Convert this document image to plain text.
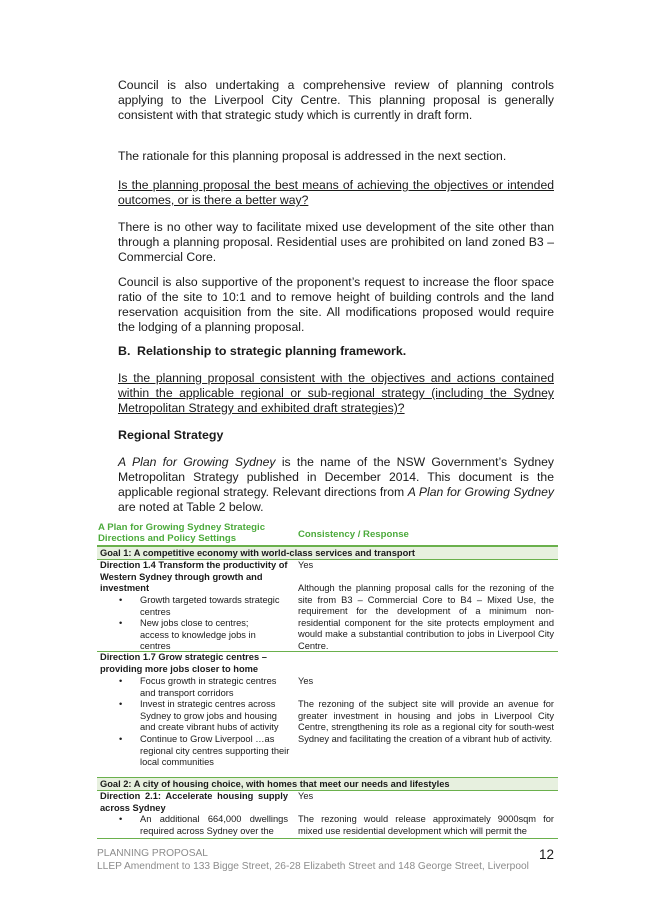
Council is also undertaking a comprehensive review of planning controls applying to the Liverpool City Centre. This planning proposal is generally consistent with that strategic study which is currently in draft form.

The rationale for this planning proposal is addressed in the next section.

Is the planning proposal the best means of achieving the objectives or intended outcomes, or is there a better way?

There is no other way to facilitate mixed use development of the site other than through a planning proposal. Residential uses are prohibited on land zoned B3 – Commercial Core.

Council is also supportive of the proponent’s request to increase the floor space ratio of the site to 10:1 and to remove height of building controls and the land reservation acquisition from the site. All modifications proposed would require the lodging of a planning proposal.

B. Relationship to strategic planning framework.

Is the planning proposal consistent with the objectives and actions contained within the applicable regional or sub-regional strategy (including the Sydney Metropolitan Strategy and exhibited draft strategies)?

Regional Strategy

A Plan for Growing Sydney is the name of the NSW Government’s Sydney Metropolitan Strategy published in December 2014. This document is the applicable regional strategy. Relevant directions from A Plan for Growing Sydney are noted at Table 2 below.

A Plan for Growing Sydney Strategic Directions and Policy Settings	Consistency / Response
Goal 1: A competitive economy with world-class services and transport

Direction 1.4 Transform the productivity of Western Sydney through growth and investment

• Growth targeted towards strategic centres
• New jobs close to centres; access to knowledge jobs in centres

Yes

Although the planning proposal calls for the rezoning of the site from B3 – Commercial Core to B4 – Mixed Use, the requirement for the development of a minimum non-residential component for the site protects employment and would make a substantial contribution to jobs in Liverpool City Centre.

Direction 1.7 Grow strategic centres – providing more jobs closer to home

• Focus growth in strategic centres and transport corridors
• Invest in strategic centres across Sydney to grow jobs and housing and create vibrant hubs of activity
• Continue to Grow Liverpool …as regional city centres supporting their local communities

Yes

The rezoning of the subject site will provide an avenue for greater investment in housing and jobs in Liverpool City Centre, strengthening its role as a regional city for south-west Sydney and facilitating the creation of a vibrant hub of activity.

Goal 2: A city of housing choice, with homes that meet our needs and lifestyles

Direction 2.1: Accelerate housing supply across Sydney

• An additional 664,000 dwellings required across Sydney over the

Yes

The rezoning would release approximately 9000sqm for mixed use residential development which will permit the

PLANNING PROPOSAL
LLEP Amendment to 133 Bigge Street, 26-28 Elizabeth Street and 148 George Street, Liverpool
12
